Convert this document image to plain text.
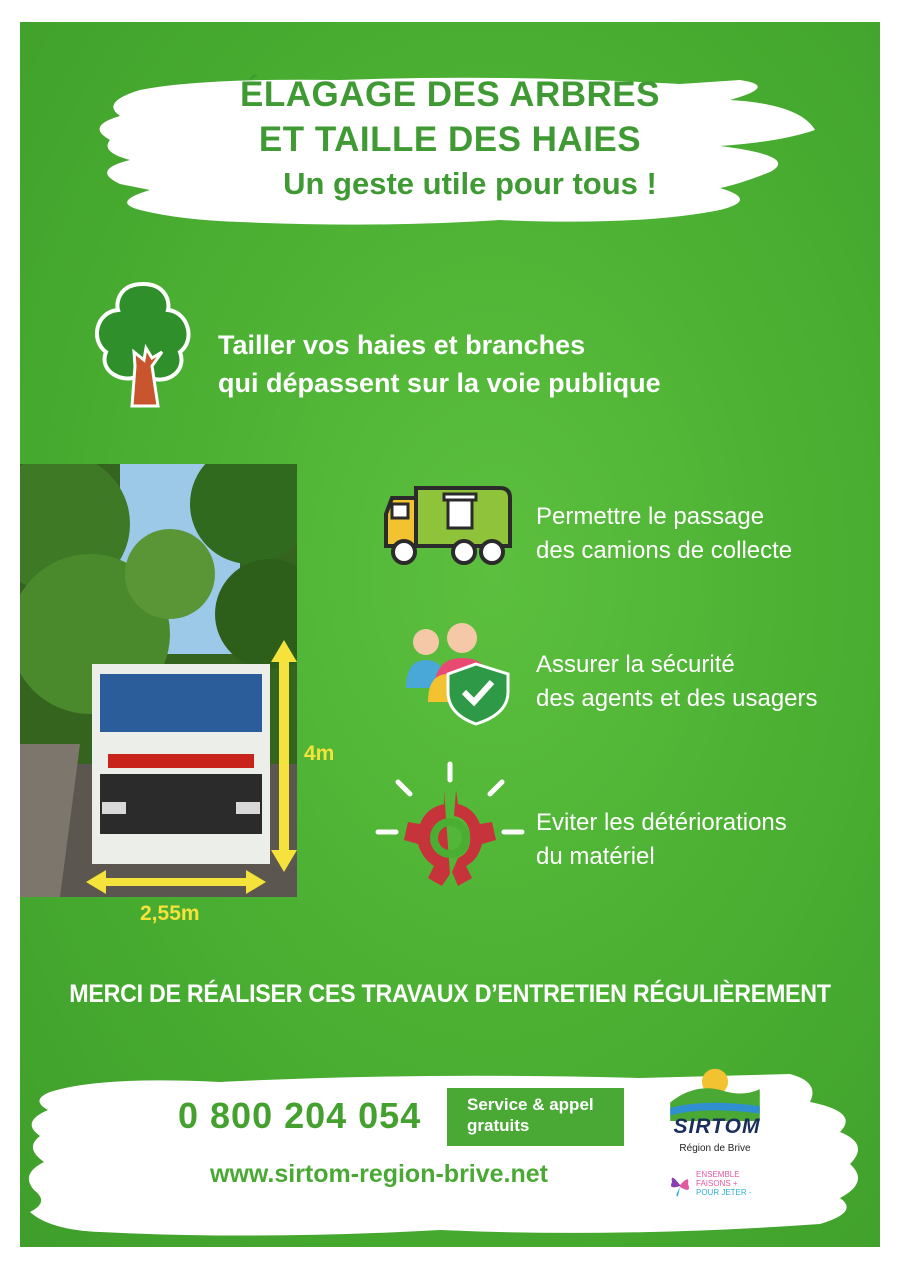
ÉLAGAGE DES ARBRES
ET TAILLE DES HAIES
Un geste utile pour tous !
Tailler vos haies et branches
qui dépassent sur la voie publique
4m
2,55m
Permettre le passage
des camions de collecte
Assurer la sécurité
des agents et des usagers
Eviter les détériorations
du matériel
MERCI DE RÉALISER CES TRAVAUX D’ENTRETIEN RÉGULIÈREMENT
0 800 204 054	Service & appel
gratuits
www.sirtom-region-brive.net
SIRTOM
Région de Brive
ENSEMBLE
FAISONS +
POUR JETER -
